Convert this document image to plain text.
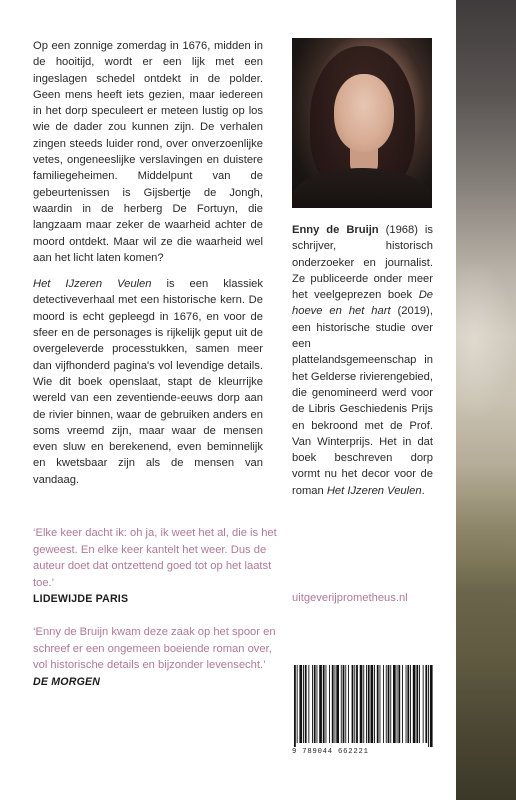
Op een zonnige zomerdag in 1676, midden in de hooitijd, wordt er een lijk met een ingeslagen schedel ontdekt in de polder. Geen mens heeft iets gezien, maar iedereen in het dorp speculeert er meteen lustig op los wie de dader zou kunnen zijn. De verhalen zingen steeds luider rond, over onverzoenlijke vetes, ongeneeslijke verslavingen en duistere familiegeheimen. Middelpunt van de gebeurtenissen is Gijsbertje de Jongh, waardin in de herberg De Fortuyn, die langzaam maar zeker de waarheid achter de moord ontdekt. Maar wil ze die waarheid wel aan het licht laten komen?

Het IJzeren Veulen is een klassiek detectiveverhaal met een historische kern. De moord is echt gepleegd in 1676, en voor de sfeer en de personages is rijkelijk geput uit de overgeleverde processtukken, samen meer dan vijfhonderd pagina's vol levendige details. Wie dit boek openslaat, stapt de kleurrijke wereld van een zeventiende-eeuws dorp aan de rivier binnen, waar de gebruiken anders en soms vreemd zijn, maar waar de mensen even sluw en berekenend, even beminnelijk en kwetsbaar zijn als de mensen van vandaag.

‘Elke keer dacht ik: oh ja, ik weet het al, die is het geweest. En elke keer kantelt het weer. Dus de auteur doet dat ontzettend goed tot op het laatst toe.’
LIDEWIJDE PARIS
‘Enny de Bruijn kwam deze zaak op het spoor en schreef er een ongemeen boeiende roman over, vol historische details en bijzonder levensecht.’
DE MORGEN
Enny de Bruijn (1968) is schrijver, historisch onderzoeker en journalist. Ze publiceerde onder meer het veelgeprezen boek De hoeve en het hart (2019), een historische studie over een plattelandsgemeenschap in het Gelderse rivierengebied, die genomineerd werd voor de Libris Geschiedenis Prijs en bekroond met de Prof. Van Winterprijs. Het in dat boek beschreven dorp vormt nu het decor voor de roman Het IJzeren Veulen.
uitgeverijprometheus.nl
9 789044 662221
